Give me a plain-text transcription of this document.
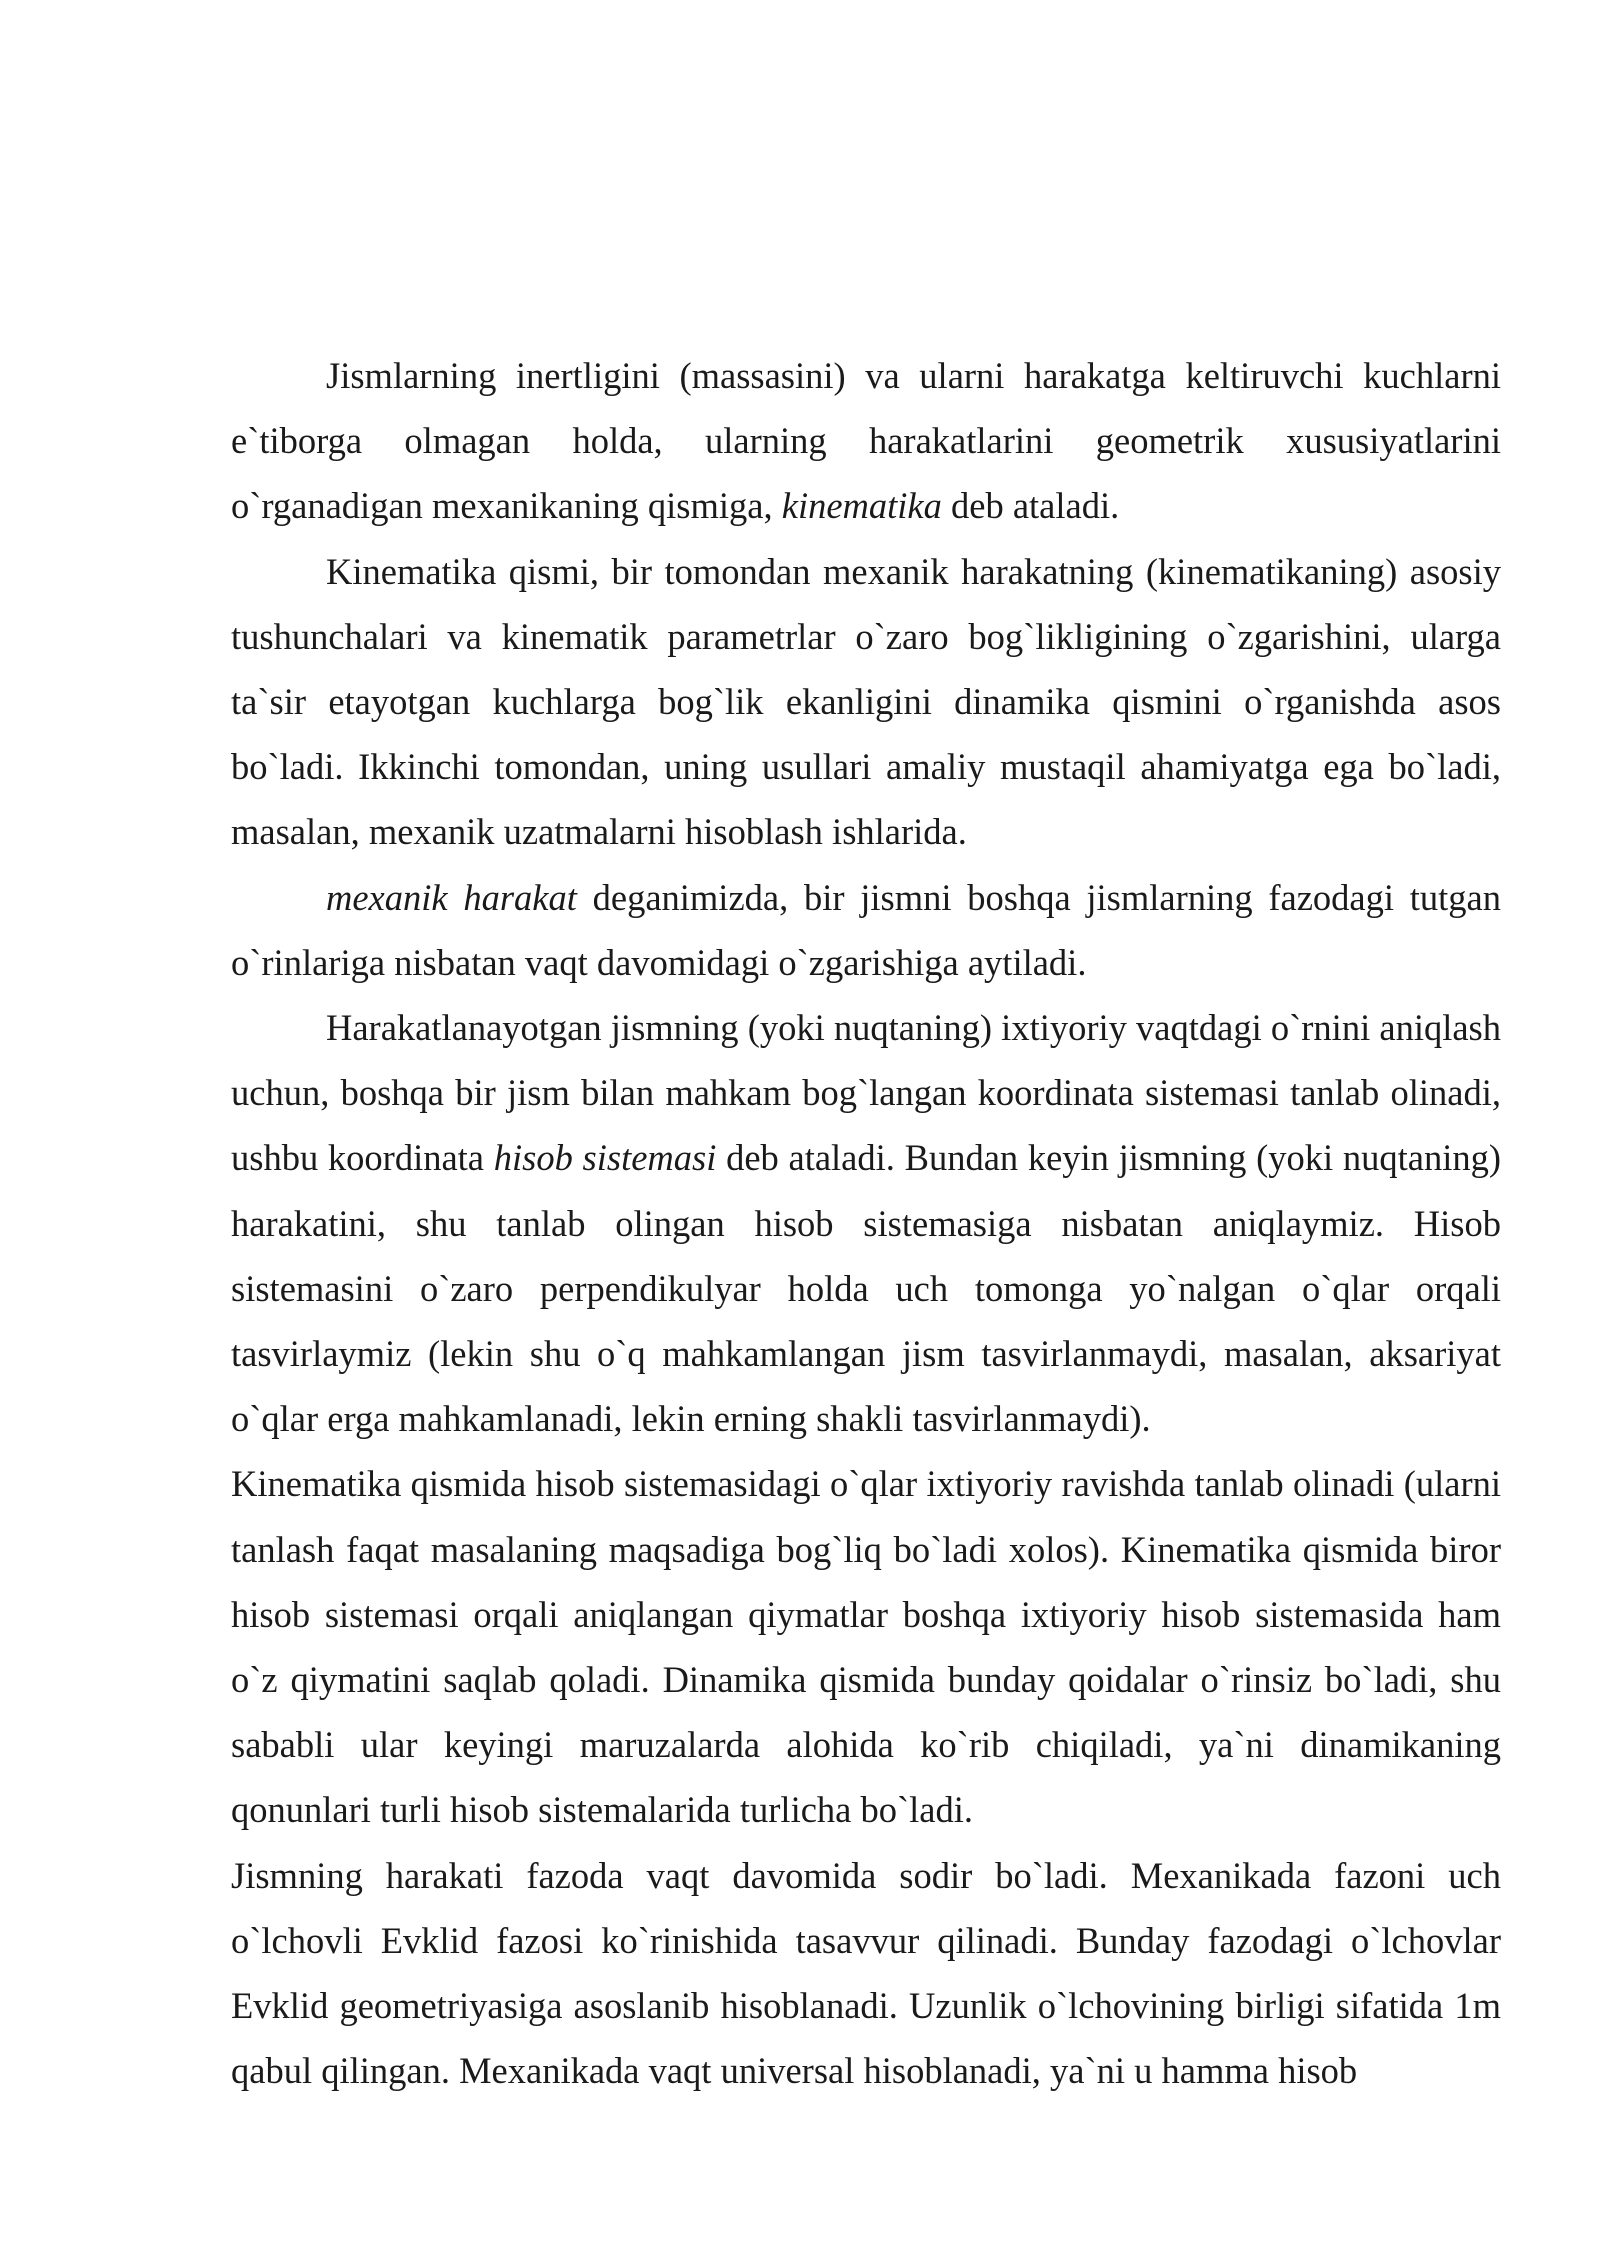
Jismlarning inertligini (massasini) va ularni harakatga keltiruvchi kuchlarni e`tiborga olmagan holda, ularning harakatlarini geometrik xususiyatlarini o`rganadigan mexanikaning qismiga, kinematika deb ataladi.

Kinematika qismi, bir tomondan mexanik harakatning (kinematikaning) asosiy tushunchalari va kinematik parametrlar o`zaro bog`likligining o`zgarishini, ularga ta`sir etayotgan kuchlarga bog`lik ekanligini dinamika qismini o`rganishda asos bo`ladi. Ikkinchi tomondan, uning usullari amaliy mustaqil ahamiyatga ega bo`ladi, masalan, mexanik uzatmalarni hisoblash ishlarida.

mexanik harakat deganimizda, bir jismni boshqa jismlarning fazodagi tutgan o`rinlariga nisbatan vaqt davomidagi o`zgarishiga aytiladi.

Harakatlanayotgan jismning (yoki nuqtaning) ixtiyoriy vaqtdagi o`rnini aniqlash uchun, boshqa bir jism bilan mahkam bog`langan koordinata sistemasi tanlab olinadi, ushbu koordinata hisob sistemasi deb ataladi. Bundan keyin jismning (yoki nuqtaning) harakatini, shu tanlab olingan hisob sistemasiga nisbatan aniqlaymiz. Hisob sistemasini o`zaro perpendikulyar holda uch tomonga yo`nalgan o`qlar orqali tasvirlaymiz (lekin shu o`q mahkamlangan jism tasvirlanmaydi, masalan, aksariyat o`qlar erga mahkamlanadi, lekin erning shakli tasvirlanmaydi).

Kinematika qismida hisob sistemasidagi o`qlar ixtiyoriy ravishda tanlab olinadi (ularni tanlash faqat masalaning maqsadiga bog`liq bo`ladi xolos). Kinematika qismida biror hisob sistemasi orqali aniqlangan qiymatlar boshqa ixtiyoriy hisob sistemasida ham o`z qiymatini saqlab qoladi. Dinamika qismida bunday qoidalar o`rinsiz bo`ladi, shu sababli ular keyingi maruzalarda alohida ko`rib chiqiladi, ya`ni dinamikaning qonunlari turli hisob sistemalarida turlicha bo`ladi.

Jismning harakati fazoda vaqt davomida sodir bo`ladi. Mexanikada fazoni uch o`lchovli Evklid fazosi ko`rinishida tasavvur qilinadi. Bunday fazodagi o`lchovlar Evklid geometriyasiga asoslanib hisoblanadi. Uzunlik o`lchovining birligi sifatida 1m qabul qilingan. Mexanikada vaqt universal hisoblanadi, ya`ni u hamma hisob
